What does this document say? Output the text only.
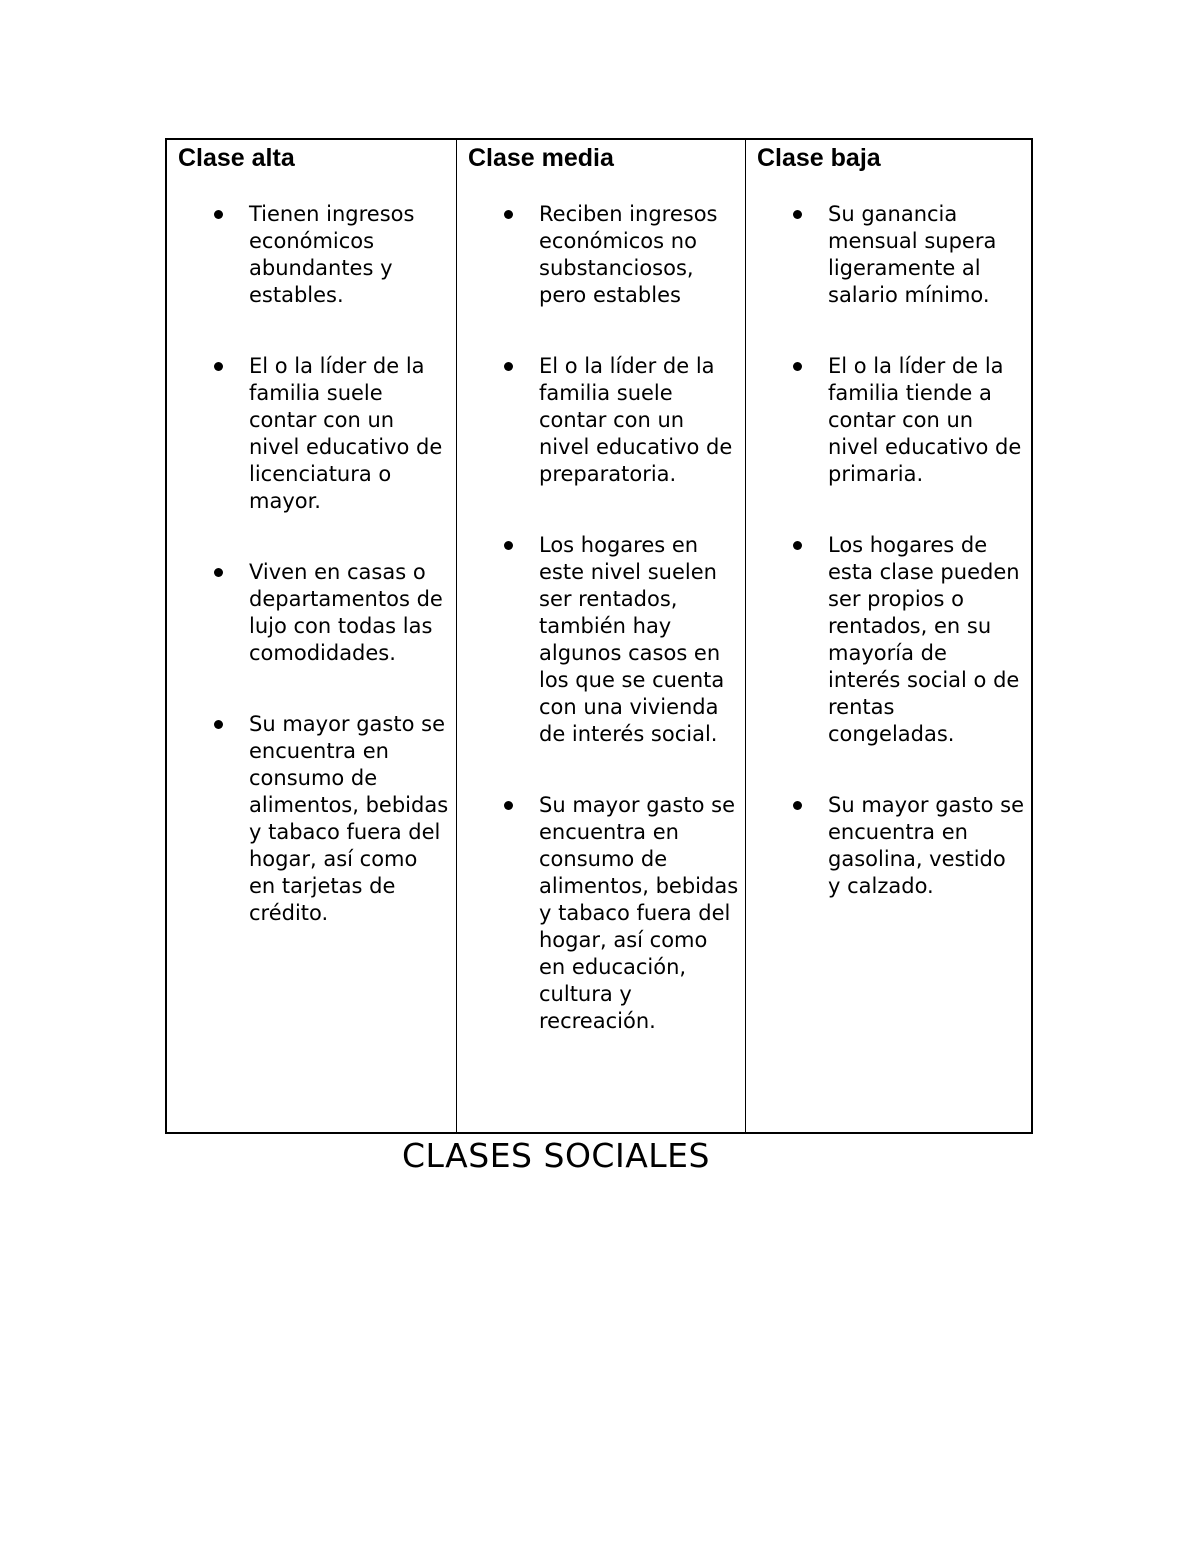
Clase alta
Tienen ingresos económicos abundantes y estables.
El o la líder de la familia suele contar con un nivel educativo de licenciatura o mayor.
Viven en casas o departamentos de lujo con todas las comodidades.
Su mayor gasto se encuentra en consumo de alimentos, bebidas y tabaco fuera del hogar, así como en tarjetas de crédito.
Clase media
Reciben ingresos económicos no substanciosos, pero estables
El o la líder de la familia suele contar con un nivel educativo de preparatoria.
Los hogares en este nivel suelen ser rentados, también hay algunos casos en los que se cuenta con una vivienda de interés social.
Su mayor gasto se encuentra en consumo de alimentos, bebidas y tabaco fuera del hogar, así como en educación, cultura y recreación.
Clase baja
Su ganancia mensual supera ligeramente al salario mínimo.
El o la líder de la familia tiende a contar con un nivel educativo de primaria.
Los hogares de esta clase pueden ser propios o rentados, en su mayoría de interés social o de rentas congeladas.
Su mayor gasto se encuentra en gasolina, vestido y calzado.
CLASES SOCIALES
